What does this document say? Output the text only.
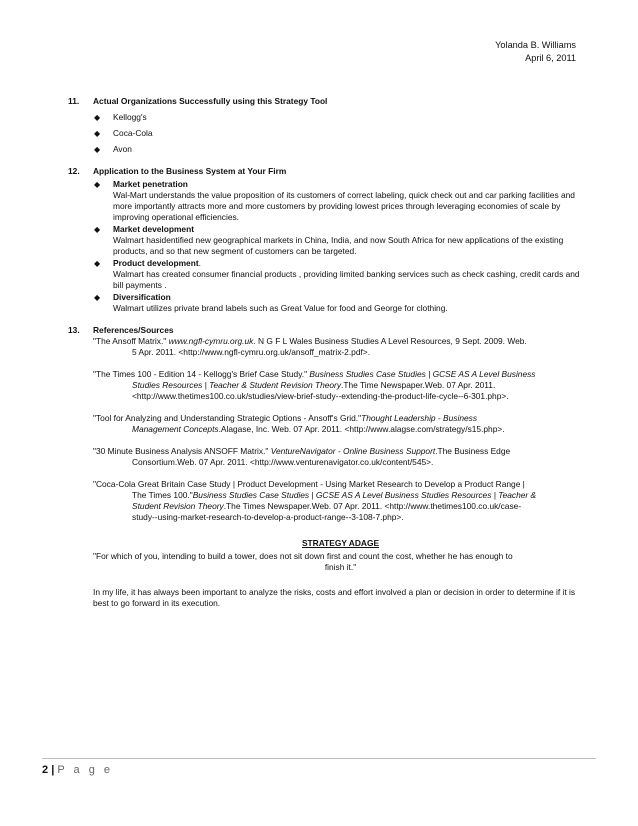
Yolanda B. Williams
April 6, 2011
11. Actual Organizations Successfully using this Strategy Tool
◆ Kellogg's
◆ Coca-Cola
◆ Avon
12. Application to the Business System at Your Firm
◆ Market penetration
Wal-Mart understands the value proposition of its customers of correct labeling, quick check out and car parking facilities and more importantly attracts more and more customers by providing lowest prices through leveraging economies of scale by improving operational efficiencies.
◆ Market development
Walmart hasidentified new geographical markets in China, India, and now South Africa for new applications of the existing products, and so that new segment of customers can be targeted.
◆ Product development.
Walmart has created consumer financial products , providing limited banking services such as check cashing, credit cards and bill payments .
◆ Diversification
Walmart utilizes private brand labels such as Great Value for food and George for clothing.
13. References/Sources
"The Ansoff Matrix." www.ngfl-cymru.org.uk. N G F L Wales Business Studies A Level Resources, 9 Sept. 2009. Web.
5 Apr. 2011. <http://www.ngfl-cymru.org.uk/ansoff_matrix-2.pdf>.
"The Times 100 - Edition 14 - Kellogg's Brief Case Study." Business Studies Case Studies | GCSE AS A Level Business
Studies Resources | Teacher & Student Revision Theory.The Time Newspaper.Web. 07 Apr. 2011.
<http://www.thetimes100.co.uk/studies/view-brief-study--extending-the-product-life-cycle--6-301.php>.
"Tool for Analyzing and Understanding Strategic Options - Ansoff's Grid."Thought Leadership - Business
Management Concepts.Alagase, Inc. Web. 07 Apr. 2011. <http://www.alagse.com/strategy/s15.php>.
"30 Minute Business Analysis ANSOFF Matrix." VentureNavigator - Online Business Support.The Business Edge
Consortium.Web. 07 Apr. 2011. <http://www.venturenavigator.co.uk/content/545>.
"Coca-Cola Great Britain Case Study | Product Development - Using Market Research to Develop a Product Range |
The Times 100."Business Studies Case Studies | GCSE AS A Level Business Studies Resources | Teacher &
Student Revision Theory.The Times Newspaper.Web. 07 Apr. 2011. <http://www.thetimes100.co.uk/case-
study--using-market-research-to-develop-a-product-range--3-108-7.php>.
STRATEGY ADAGE
"For which of you, intending to build a tower, does not sit down first and count the cost, whether he has enough to
finish it."
In my life, it has always been important to analyze the risks, costs and effort involved a plan or decision in order to determine if it is best to go forward in its execution.
2 | P a g e
